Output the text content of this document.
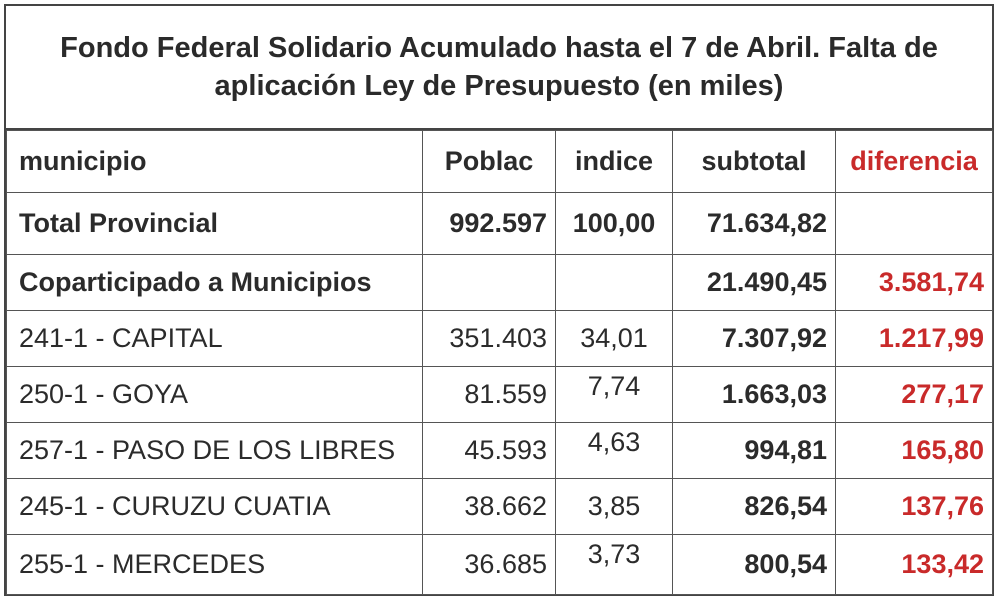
Fondo Federal Solidario Acumulado hasta el 7 de Abril. Falta de
aplicación Ley de Presupuesto (en miles)
municipio	Poblac	indice	subtotal	diferencia
Total Provincial	992.597	100,00	71.634,82	
Coparticipado a Municipios			21.490,45	3.581,74
241-1 - CAPITAL	351.403	34,01	7.307,92	1.217,99
250-1 - GOYA	81.559	7,74	1.663,03	277,17
257-1 - PASO DE LOS LIBRES	45.593	4,63	994,81	165,80
245-1 - CURUZU CUATIA	38.662	3,85	826,54	137,76
255-1 - MERCEDES	36.685	3,73	800,54	133,42
